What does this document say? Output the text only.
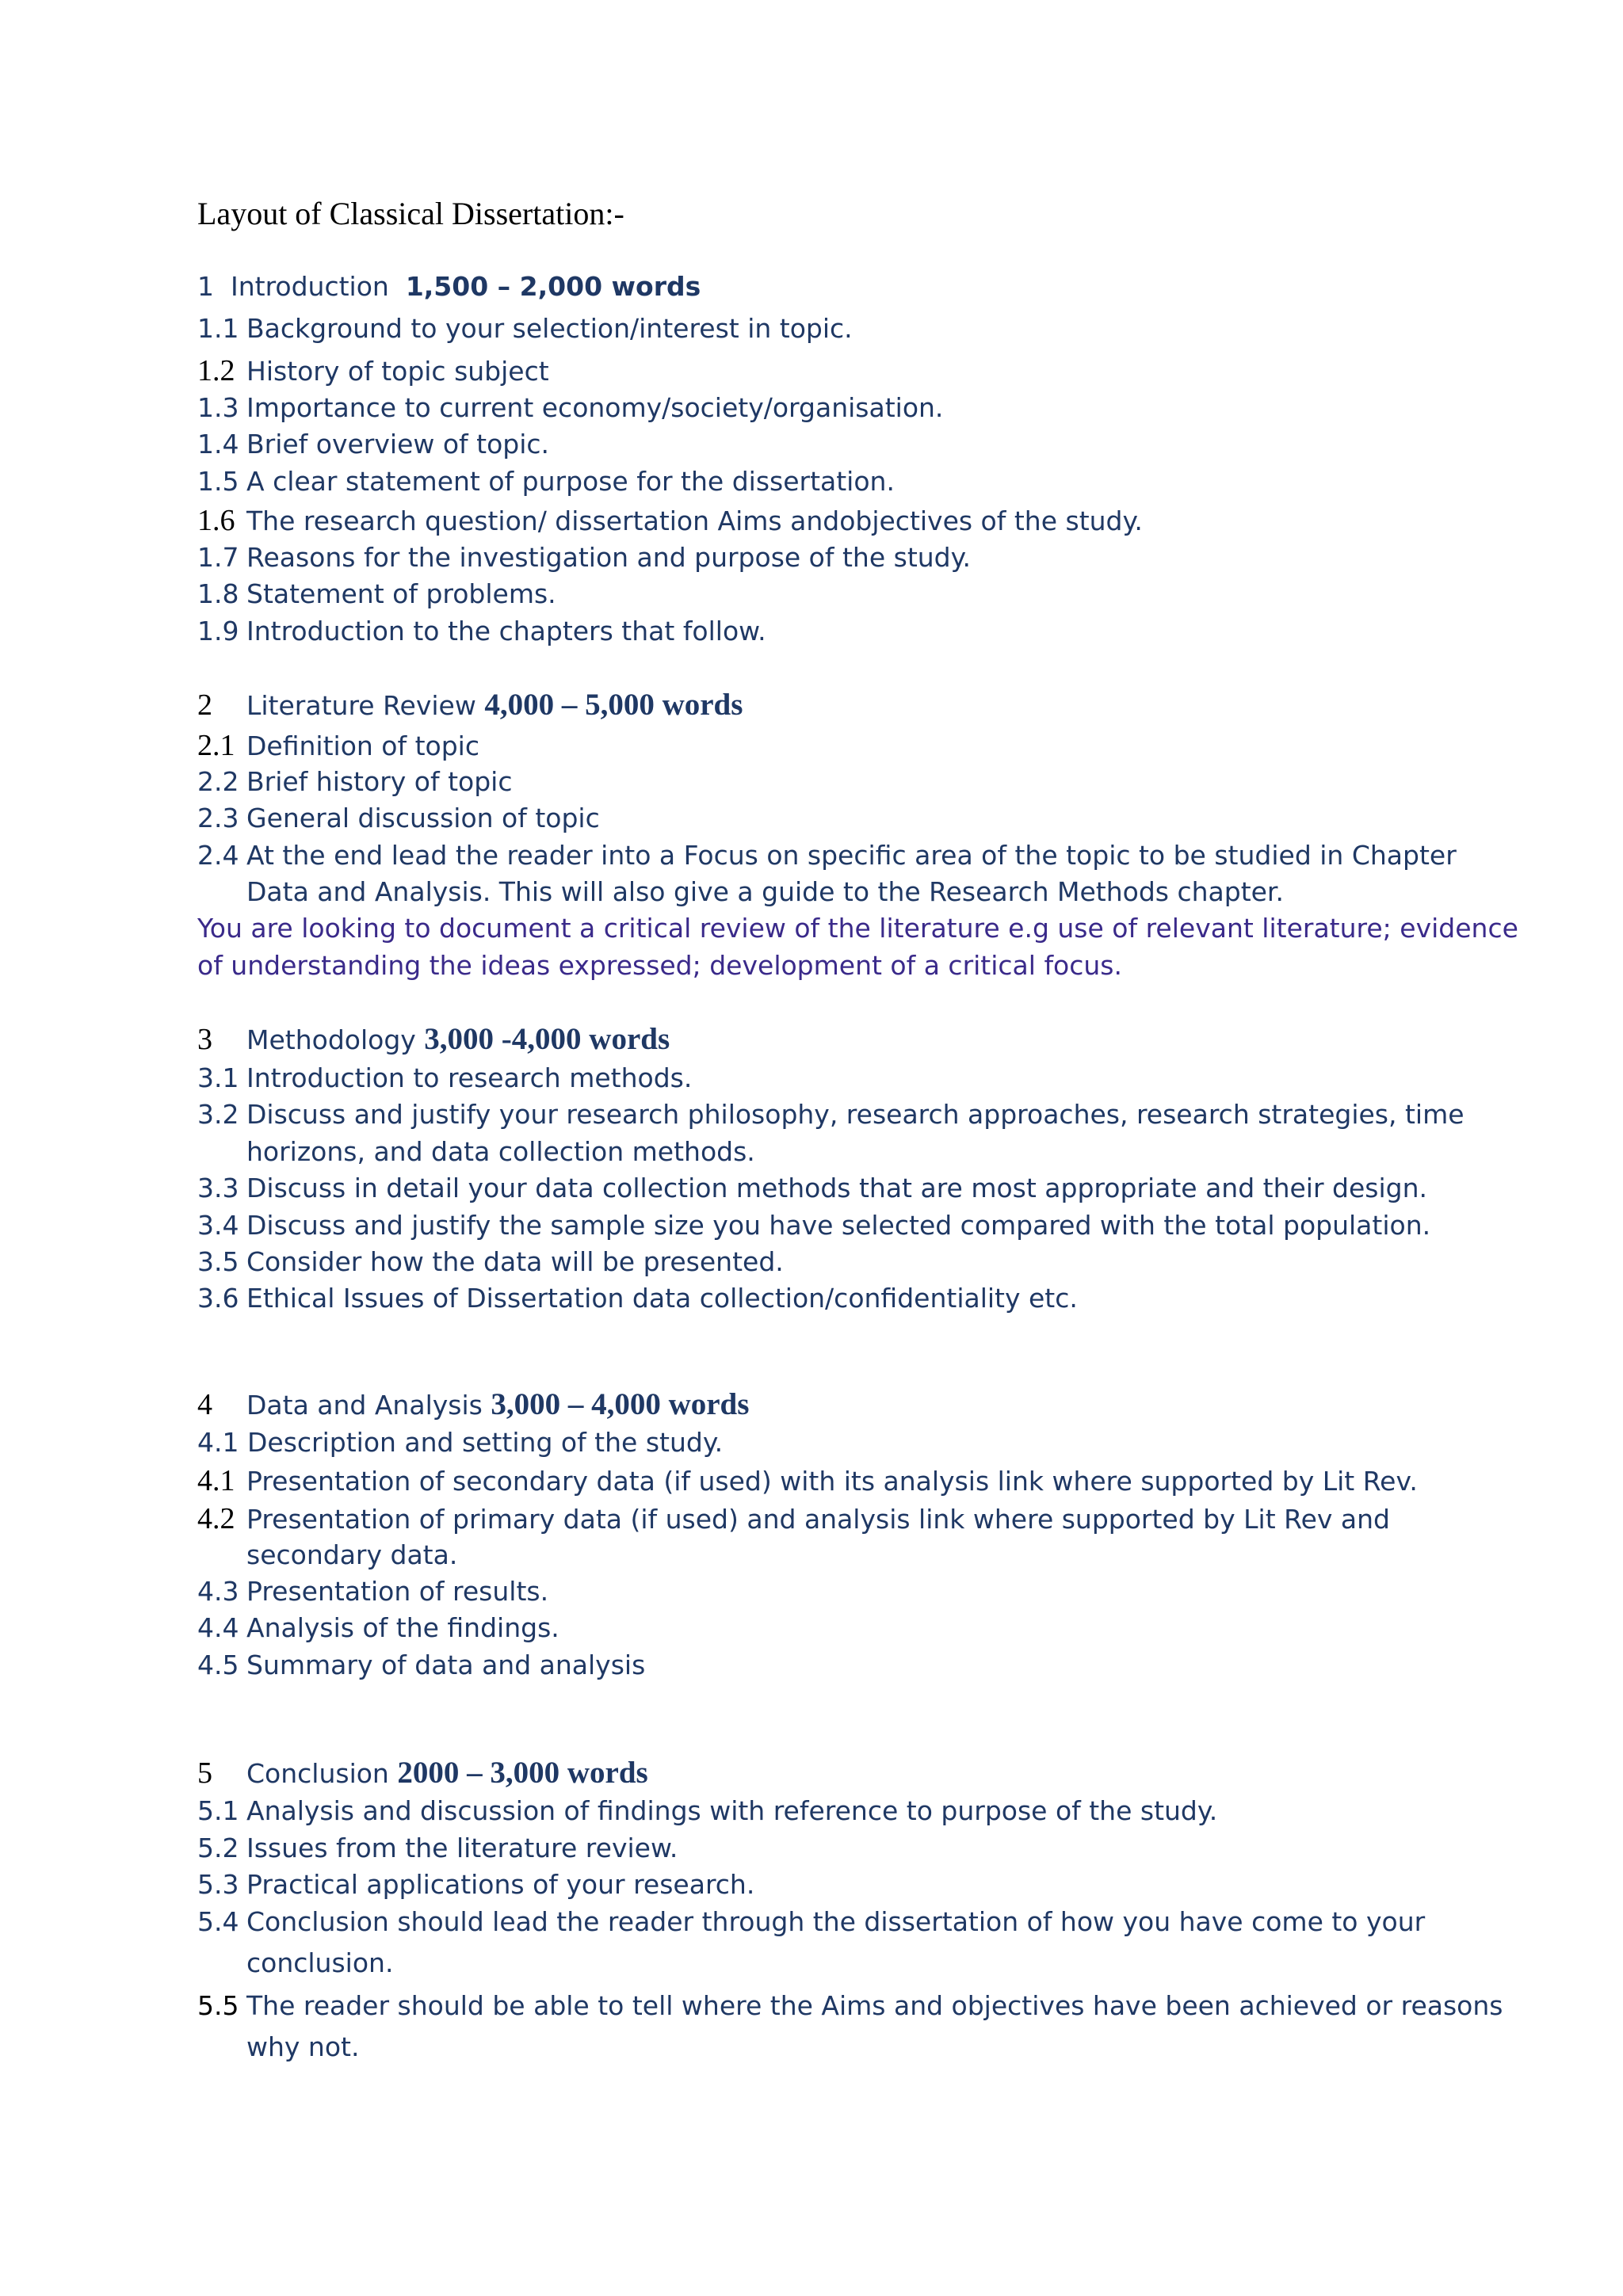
Layout of Classical Dissertation:-
1 Introduction 1,500 – 2,000 words
1.1 Background to your selection/interest in topic.
1.2 History of topic subject
1.3 Importance to current economy/society/organisation.
1.4 Brief overview of topic.
1.5 A clear statement of purpose for the dissertation.
1.6 The research question/ dissertation Aims andobjectives of the study.
1.7 Reasons for the investigation and purpose of the study.
1.8 Statement of problems.
1.9 Introduction to the chapters that follow.
2 Literature Review 4,000 – 5,000 words
2.1 Definition of topic
2.2 Brief history of topic
2.3 General discussion of topic
2.4 At the end lead the reader into a Focus on specific area of the topic to be studied in Chapter
Data and Analysis. This will also give a guide to the Research Methods chapter.
You are looking to document a critical review of the literature e.g use of relevant literature; evidence
of understanding the ideas expressed; development of a critical focus.
3 Methodology 3,000 -4,000 words
3.1 Introduction to research methods.
3.2 Discuss and justify your research philosophy, research approaches, research strategies, time
horizons, and data collection methods.
3.3 Discuss in detail your data collection methods that are most appropriate and their design.
3.4 Discuss and justify the sample size you have selected compared with the total population.
3.5 Consider how the data will be presented.
3.6 Ethical Issues of Dissertation data collection/confidentiality etc.
4 Data and Analysis 3,000 – 4,000 words
4.1 Description and setting of the study.
4.1 Presentation of secondary data (if used) with its analysis link where supported by Lit Rev.
4.2 Presentation of primary data (if used) and analysis link where supported by Lit Rev and
secondary data.
4.3 Presentation of results.
4.4 Analysis of the findings.
4.5 Summary of data and analysis
5 Conclusion 2000 – 3,000 words
5.1 Analysis and discussion of findings with reference to purpose of the study.
5.2 Issues from the literature review.
5.3 Practical applications of your research.
5.4 Conclusion should lead the reader through the dissertation of how you have come to your
conclusion.
5.5 The reader should be able to tell where the Aims and objectives have been achieved or reasons
why not.
